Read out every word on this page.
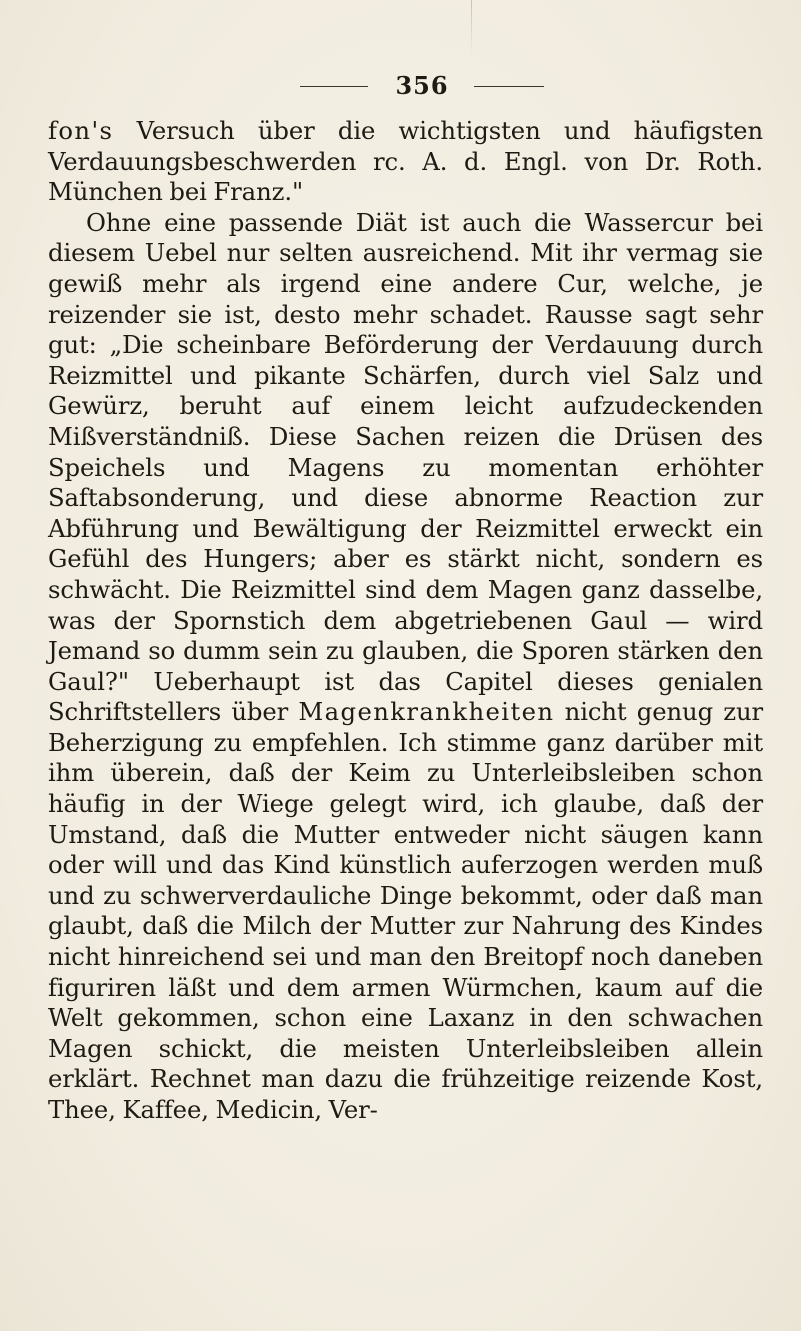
356

fon's Versuch über die wichtigsten und häufigsten Verdauungsbeschwerden rc. A. d. Engl. von Dr. Roth. München bei Franz."

Ohne eine passende Diät ist auch die Wassercur bei diesem Uebel nur selten ausreichend. Mit ihr vermag sie gewiß mehr als irgend eine andere Cur, welche, je reizender sie ist, desto mehr schadet. Rausse sagt sehr gut: „Die scheinbare Beförderung der Verdauung durch Reizmittel und pikante Schärfen, durch viel Salz und Gewürz, beruht auf einem leicht aufzudeckenden Mißverständniß. Diese Sachen reizen die Drüsen des Speichels und Magens zu momentan erhöhter Saftabsonderung, und diese abnorme Reaction zur Abführung und Bewältigung der Reizmittel erweckt ein Gefühl des Hungers; aber es stärkt nicht, sondern es schwächt. Die Reizmittel sind dem Magen ganz dasselbe, was der Spornstich dem abgetriebenen Gaul — wird Jemand so dumm sein zu glauben, die Sporen stärken den Gaul?" Ueberhaupt ist das Capitel dieses genialen Schriftstellers über Magenkrankheiten nicht genug zur Beherzigung zu empfehlen. Ich stimme ganz darüber mit ihm überein, daß der Keim zu Unterleibsleiben schon häufig in der Wiege gelegt wird, ich glaube, daß der Umstand, daß die Mutter entweder nicht säugen kann oder will und das Kind künstlich auferzogen werden muß und zu schwerverdauliche Dinge bekommt, oder daß man glaubt, daß die Milch der Mutter zur Nahrung des Kindes nicht hinreichend sei und man den Breitopf noch daneben figuriren läßt und dem armen Würmchen, kaum auf die Welt gekommen, schon eine Laxanz in den schwachen Magen schickt, die meisten Unterleibsleiben allein erklärt. Rechnet man dazu die frühzeitige reizende Kost, Thee, Kaffee, Medicin, Ver-
